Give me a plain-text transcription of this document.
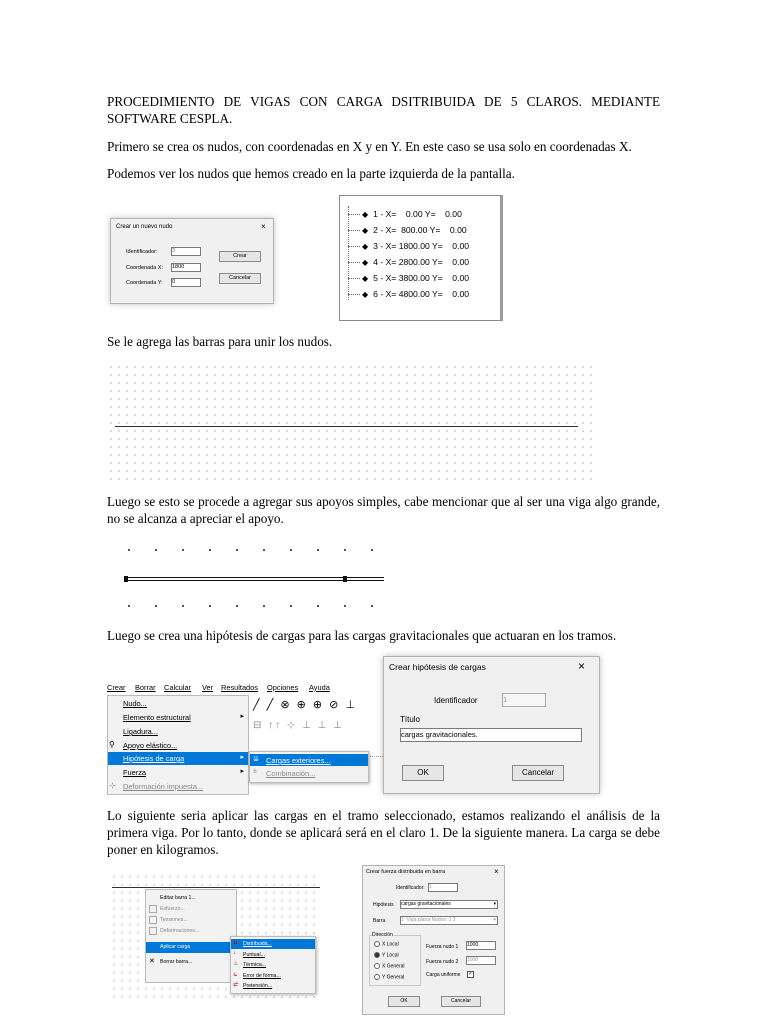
PROCEDIMIENTO DE VIGAS CON CARGA DSITRIBUIDA DE 5 CLAROS. MEDIANTE SOFTWARE CESPLA.
Primero se crea os nudos, con coordenadas en X y en Y. En este caso se usa solo en coordenadas X.
Podemos ver los nudos que hemos creado en la parte izquierda de la pantalla.
Crear un nuevo nudo	×
Identificador:	3
Coordenada X: 1800
Coordenada Y: 0
Crear
Cancelar
◆ 1 - X=    0.00 Y=    0.00
◆ 2 - X=  800.00 Y=    0.00
◆ 3 - X= 1800.00 Y=    0.00
◆ 4 - X= 2800.00 Y=    0.00
◆ 5 - X= 3800.00 Y=    0.00
◆ 6 - X= 4800.00 Y=    0.00
Se le agrega las barras para unir los nudos.
Luego se esto se procede a agregar sus apoyos simples, cabe mencionar que al ser una viga algo grande, no se alcanza a apreciar el apoyo.
Luego se crea una hipótesis de cargas para las cargas gravitacionales que actuaran en los tramos.
Crear Borrar Calcular Ver Resultados Opciones Ayuda
╱ ╱ ⊗ ⊕ ⊕ ⊘ ⊥
⊟ ↑↑ ⊹ ⊥ ⊥ ⊥
Nudo...
Elemento estructural	▸
Ligadura...
⚲ Apoyo elástico...
Hipótesis de carga	▸
Fuerza	▸
⊹ Deformación impuesta...
⇊ Cargas exteriores...
± Combinación...
Crear hipótesis de cargas	×
Identificador	1
Título
cargas gravitacionales.
OK	Cancelar
Lo siguiente seria aplicar las cargas en el tramo seleccionado, estamos realizando el análisis de la primera viga. Por lo tanto, donde se aplicará será en el claro 1. De la siguiente manera. La carga se debe poner en kilogramos.
Editar barra 1...
Esfuerzo...
Tensiones...
Deformaciones...
Aplicar carga
✕ Borrar barra...
⇊ Distribuida...
↓ Puntual...
♨ Térmica...
⊾ Error de forma...
⇄ Pretensión...
Crear fuerza distribuida en barra	×
Identificador: 1
Hipótesis cargas gravitacionales	▾
Barra	1: Viga plana Nudos: 1 2	▾
Dirección
X Local
Y Local
X General
Y General
Fuerza nudo 1 1000
Fuerza nudo 2 1000
Carga uniforme ✓
OK	Cancelar
